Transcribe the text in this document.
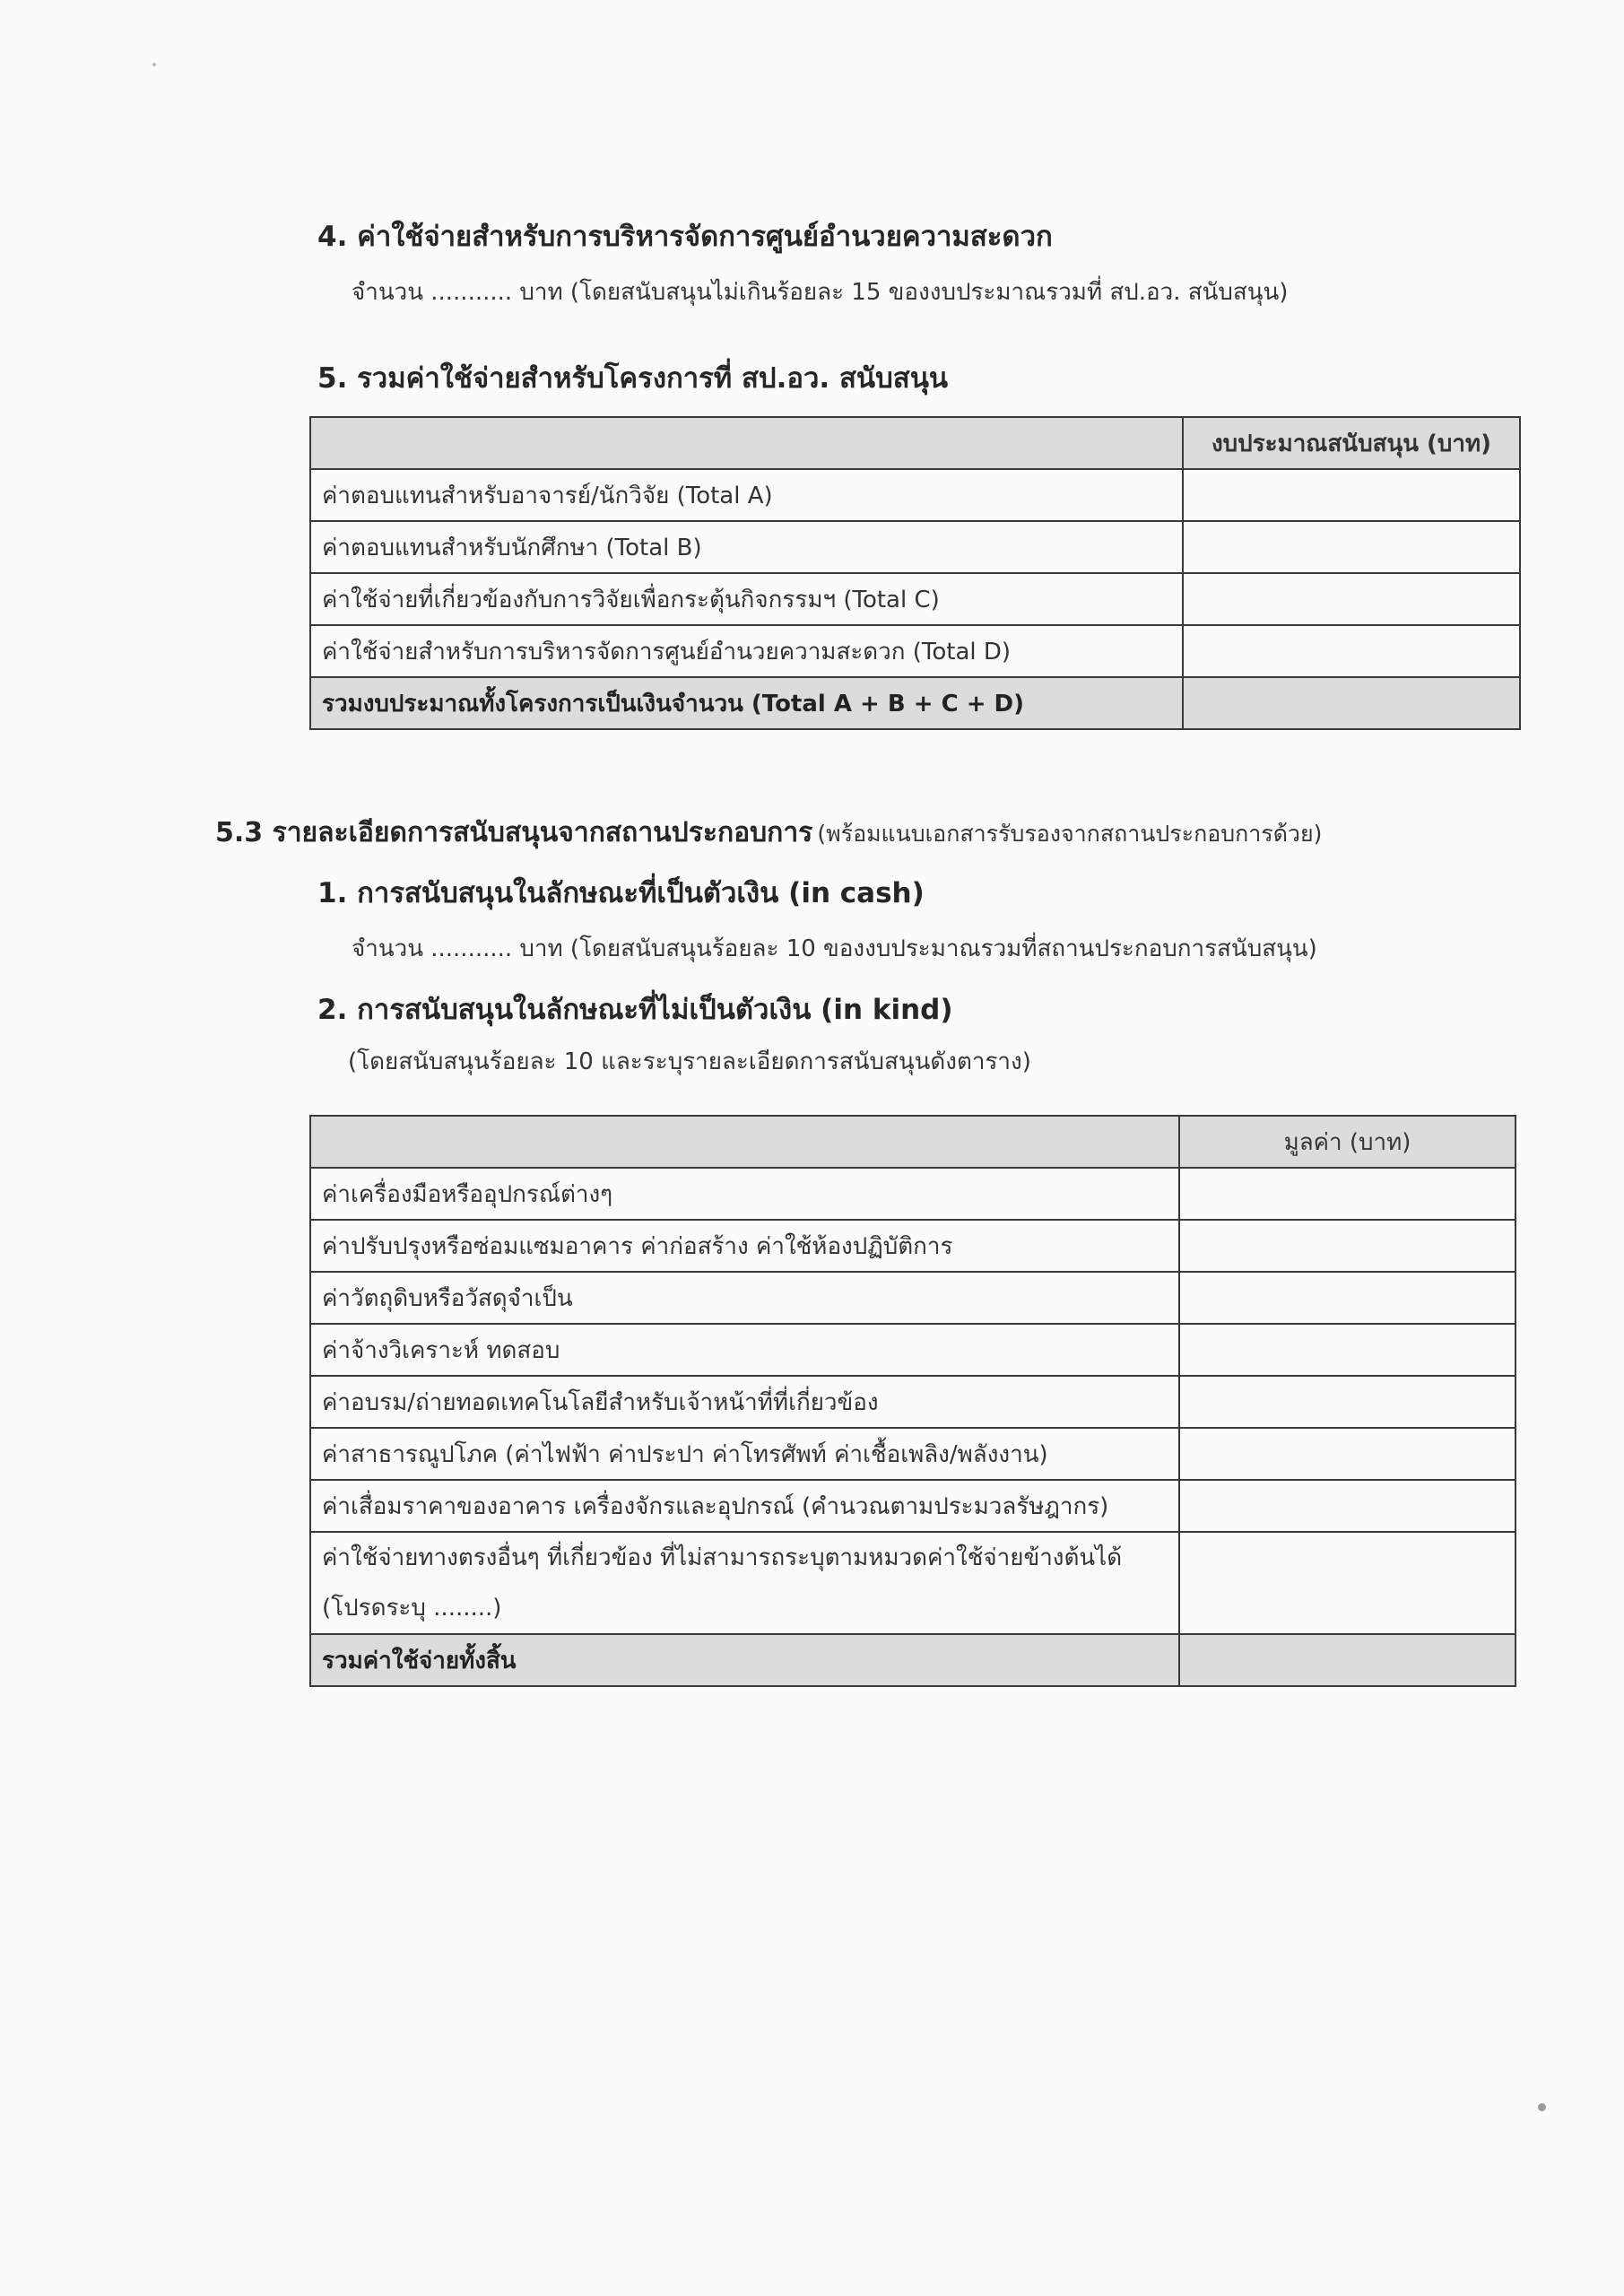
4. ค่าใช้จ่ายสำหรับการบริหารจัดการศูนย์อำนวยความสะดวก
จำนวน ........... บาท (โดยสนับสนุนไม่เกินร้อยละ 15 ของงบประมาณรวมที่ สป.อว. สนับสนุน)
5. รวมค่าใช้จ่ายสำหรับโครงการที่ สป.อว. สนับสนุน
	งบประมาณสนับสนุน (บาท)
ค่าตอบแทนสำหรับอาจารย์/นักวิจัย (Total A)	
ค่าตอบแทนสำหรับนักศึกษา (Total B)	
ค่าใช้จ่ายที่เกี่ยวข้องกับการวิจัยเพื่อกระตุ้นกิจกรรมฯ (Total C)	
ค่าใช้จ่ายสำหรับการบริหารจัดการศูนย์อำนวยความสะดวก (Total D)	
รวมงบประมาณทั้งโครงการเป็นเงินจำนวน (Total A + B + C + D)	
5.3 รายละเอียดการสนับสนุนจากสถานประกอบการ (พร้อมแนบเอกสารรับรองจากสถานประกอบการด้วย)
1. การสนับสนุนในลักษณะที่เป็นตัวเงิน (in cash)
จำนวน ........... บาท (โดยสนับสนุนร้อยละ 10 ของงบประมาณรวมที่สถานประกอบการสนับสนุน)
2. การสนับสนุนในลักษณะที่ไม่เป็นตัวเงิน (in kind)
(โดยสนับสนุนร้อยละ 10 และระบุรายละเอียดการสนับสนุนดังตาราง)
	มูลค่า (บาท)
ค่าเครื่องมือหรืออุปกรณ์ต่างๆ	
ค่าปรับปรุงหรือซ่อมแซมอาคาร ค่าก่อสร้าง ค่าใช้ห้องปฏิบัติการ	
ค่าวัตถุดิบหรือวัสดุจำเป็น	
ค่าจ้างวิเคราะห์ ทดสอบ	
ค่าอบรม/ถ่ายทอดเทคโนโลยีสำหรับเจ้าหน้าที่ที่เกี่ยวข้อง	
ค่าสาธารณูปโภค (ค่าไฟฟ้า ค่าประปา ค่าโทรศัพท์ ค่าเชื้อเพลิง/พลังงาน)	
ค่าเสื่อมราคาของอาคาร เครื่องจักรและอุปกรณ์ (คำนวณตามประมวลรัษฎากร)	

ค่าใช้จ่ายทางตรงอื่นๆ ที่เกี่ยวข้อง ที่ไม่สามารถระบุตามหมวดค่าใช้จ่ายข้างต้นได้
(โปรดระบุ ........)	

รวมค่าใช้จ่ายทั้งสิ้น	
